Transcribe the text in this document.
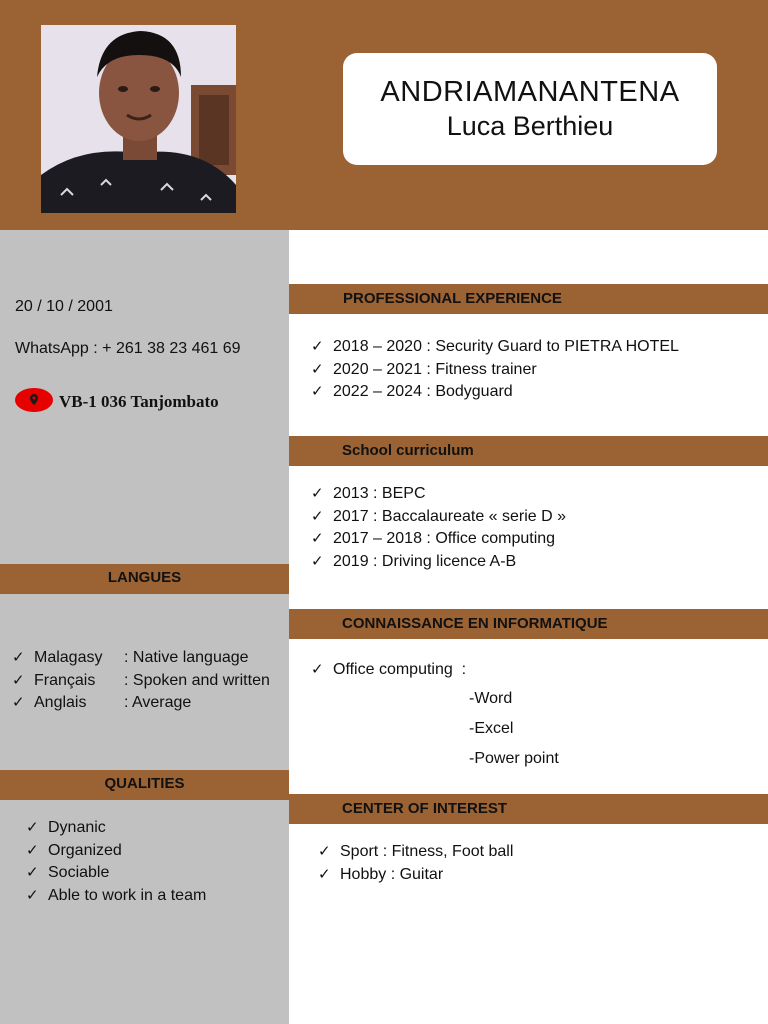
ANDRIAMANANTENA
Luca Berthieu
20 / 10 / 2001
WhatsApp : + 261 38 23 461 69
VB-1 036 Tanjombato
LANGUES
✓ Malagasy : Native language
✓ Français : Spoken and written
✓ Anglais : Average
QUALITIES
✓ Dynanic
✓ Organized
✓ Sociable
✓ Able to work in a team
PROFESSIONAL EXPERIENCE
✓ 2018 – 2020 : Security Guard to PIETRA HOTEL
✓ 2020 – 2021 : Fitness trainer
✓ 2022 – 2024 : Bodyguard
School curriculum
✓ 2013 : BEPC
✓ 2017 : Baccalaureate « serie D »
✓ 2017 – 2018 : Office computing
✓ 2019 : Driving licence A-B
CONNAISSANCE EN INFORMATIQUE
✓ Office computing  :
-Word
-Excel
-Power point
CENTER OF INTEREST
✓ Sport : Fitness, Foot ball
✓ Hobby : Guitar
